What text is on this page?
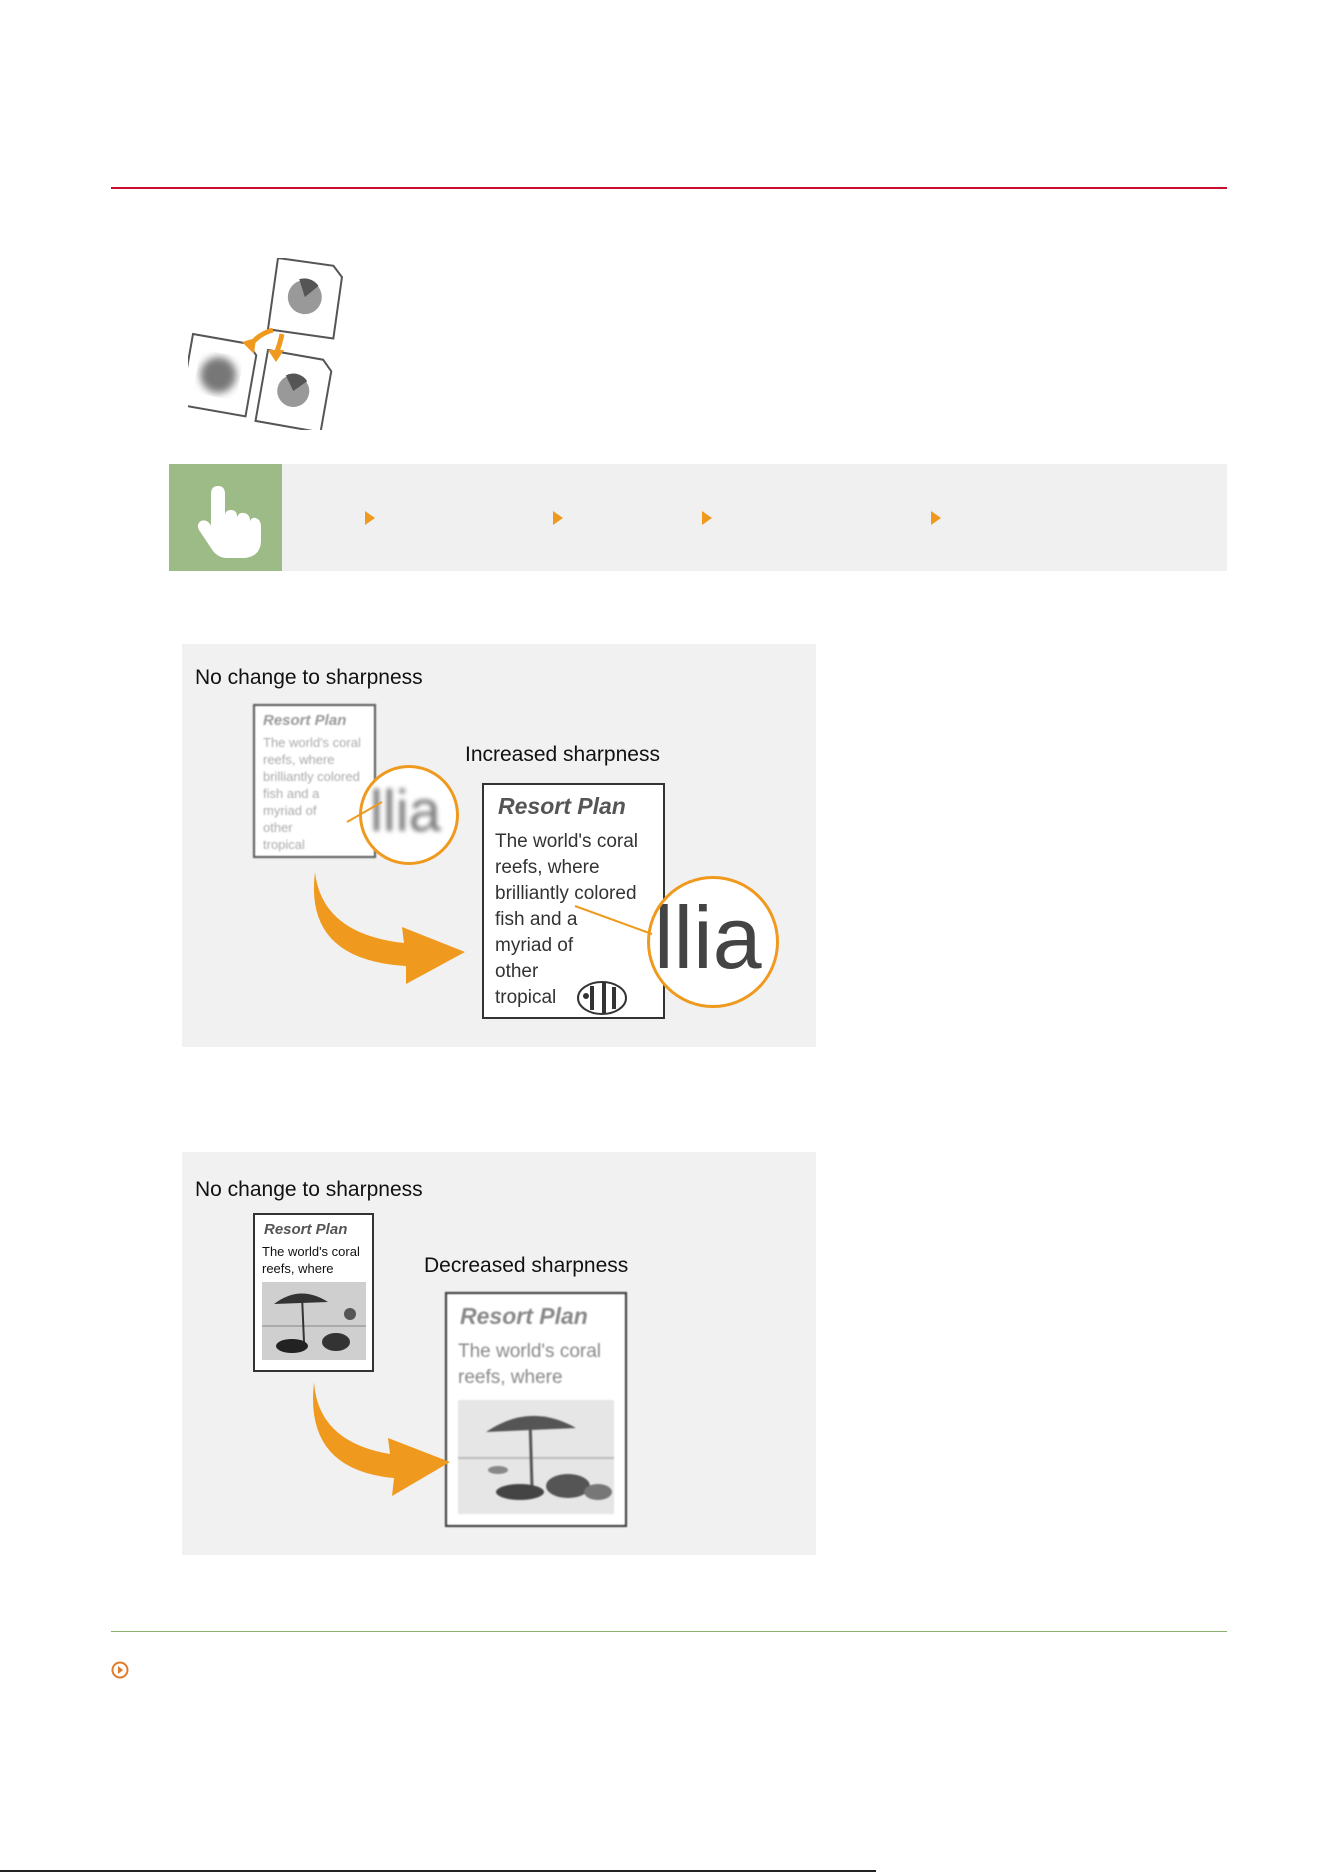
No change to sharpness
Increased sharpness
Resort Plan
The world's coral
reefs, where
brilliantly colored
fish and a
myriad of
other
tropical
llia Resort Plan
The world's coral
reefs, where
brilliantly colored
fish and a
myriad of
other
tropical
llia
No change to sharpness
Decreased sharpness
Resort Plan
The world's coral
reefs, where
Resort Plan
The world's coral
reefs, where
